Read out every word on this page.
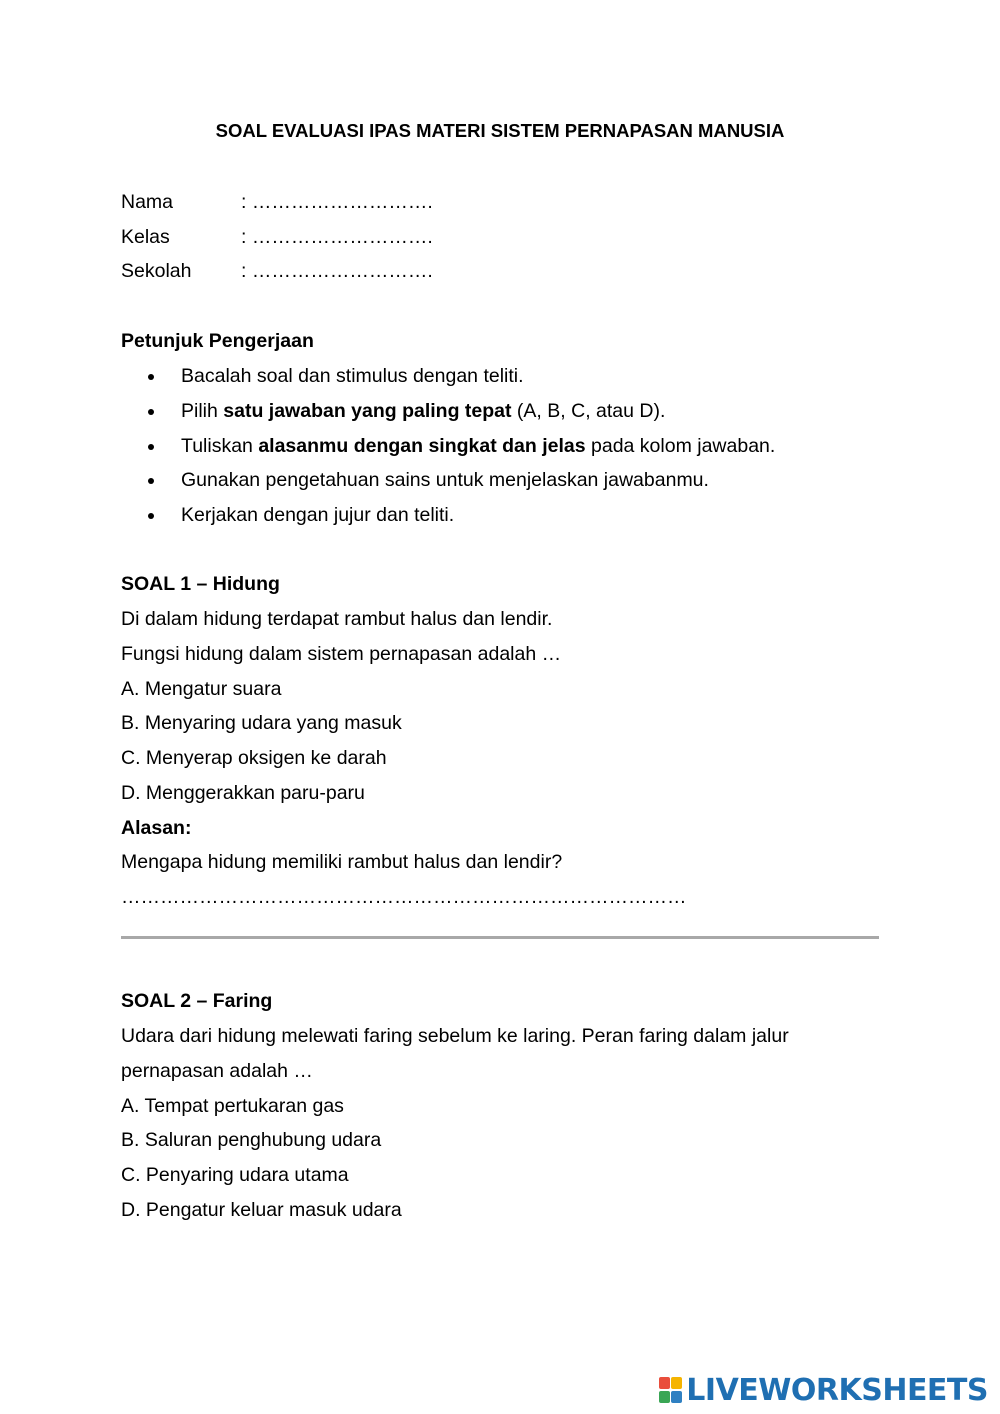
SOAL EVALUASI IPAS MATERI SISTEM PERNAPASAN MANUSIA
Nama	: ……………………….
Kelas	: ……………………….
Sekolah	: ……………………….
Petunjuk Pengerjaan
Bacalah soal dan stimulus dengan teliti.
Pilih satu jawaban yang paling tepat (A, B, C, atau D).
Tuliskan alasanmu dengan singkat dan jelas pada kolom jawaban.
Gunakan pengetahuan sains untuk menjelaskan jawabanmu.
Kerjakan dengan jujur dan teliti.
SOAL 1 – Hidung
Di dalam hidung terdapat rambut halus dan lendir.
Fungsi hidung dalam sistem pernapasan adalah …
A. Mengatur suara
B. Menyaring udara yang masuk
C. Menyerap oksigen ke darah
D. Menggerakkan paru-paru
Alasan:
Mengapa hidung memiliki rambut halus dan lendir?
……………………………………………………………………………
SOAL 2 – Faring
Udara dari hidung melewati faring sebelum ke laring. Peran faring dalam jalur
pernapasan adalah …
A. Tempat pertukaran gas
B. Saluran penghubung udara
C. Penyaring udara utama
D. Pengatur keluar masuk udara
LIVEWORKSHEETS
